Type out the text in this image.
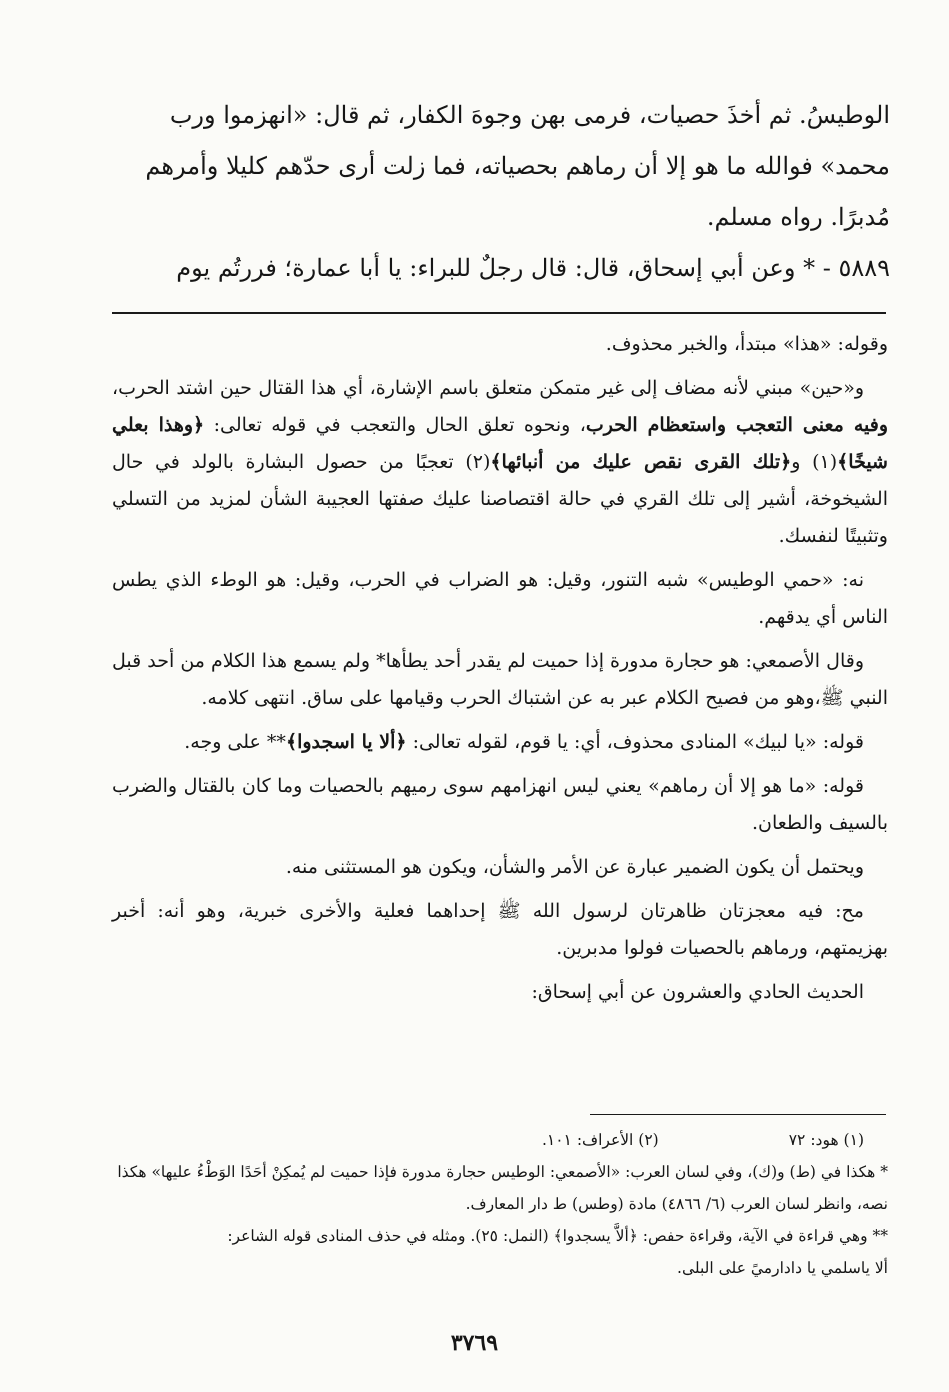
الوطيسُ. ثم أخذَ حصيات، فرمى بهن وجوهَ الكفار، ثم قال: «انهزموا ورب

محمد» فوالله ما هو إلا أن رماهم بحصياته، فما زلت أرى حدّهم كليلا وأمرهم

مُدبرًا. رواه مسلم.

٥٨٨٩ - * وعن أبي إسحاق، قال: قال رجلٌ للبراء: يا أبا عمارة؛ فررتُم يوم

وقوله: «هذا» مبتدأ، والخبر محذوف.

و«حين» مبني لأنه مضاف إلى غير متمكن متعلق باسم الإشارة، أي هذا القتال حين اشتد الحرب، وفيه معنى التعجب واستعظام الحرب، ونحوه تعلق الحال والتعجب في قوله تعالى: ﴿وهذا بعلي شيخًا﴾(١) و﴿تلك القرى نقص عليك من أنبائها﴾(٢) تعجبًا من حصول البشارة بالولد في حال الشيخوخة، أشير إلى تلك القري في حالة اقتصاصنا عليك صفتها العجيبة الشأن لمزيد من التسلي وتثبيتًا لنفسك.

نه: «حمي الوطيس» شبه التنور، وقيل: هو الضراب في الحرب، وقيل: هو الوطء الذي يطس الناس أي يدقهم.

وقال الأصمعي: هو حجارة مدورة إذا حميت لم يقدر أحد يطأها* ولم يسمع هذا الكلام من أحد قبل النبي ﷺ،وهو من فصيح الكلام عبر به عن اشتباك الحرب وقيامها على ساق. انتهى كلامه.

قوله: «يا لبيك» المنادى محذوف، أي: يا قوم، لقوله تعالى: ﴿ألا يا اسجدوا﴾** على وجه.

قوله: «ما هو إلا أن رماهم» يعني ليس انهزامهم سوى رميهم بالحصيات وما كان بالقتال والضرب بالسيف والطعان.

ويحتمل أن يكون الضمير عبارة عن الأمر والشأن، ويكون هو المستثنى منه.

مح: فيه معجزتان ظاهرتان لرسول الله ﷺ إحداهما فعلية والأخرى خبرية، وهو أنه: أخبر بهزيمتهم، ورماهم بالحصيات فولوا مدبرين.

الحديث الحادي والعشرون عن أبي إسحاق:

(١) هود: ٧٢
(٢) الأعراف: ١٠١.

* هكذا في (ط) و(ك)، وفي لسان العرب: «الأصمعي: الوطيس حجارة مدورة فإذا حميت لم يُمكِنْ أحَدًا الوَطْءُ عليها» هكذا نصه، وانظر لسان العرب (٦/ ٤٨٦٦) مادة (وطس) ط دار المعارف.

** وهي قراءة في الآية، وقراءة حفص: ﴿ألاَّ يسجدوا﴾ (النمل: ٢٥). ومثله في حذف المنادى قوله الشاعر:

ألا ياسلمي يا دادارميً على البلى.

٣٧٦٩
